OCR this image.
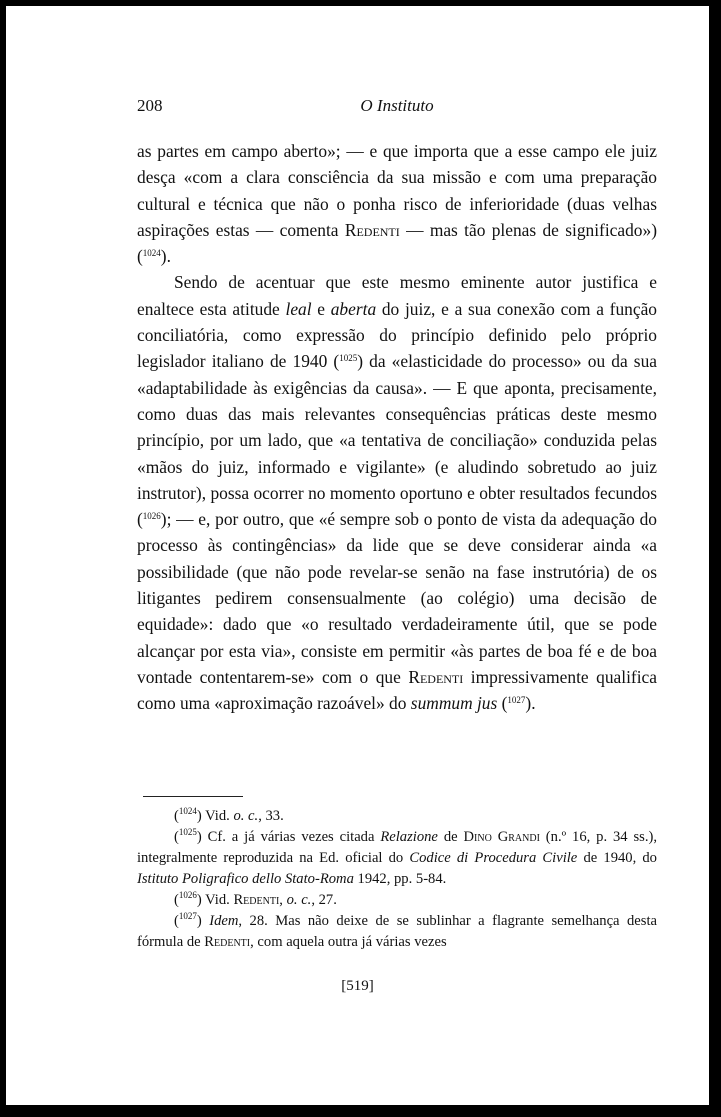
208	O Instituto

as partes em campo aberto»; — e que importa que a esse campo ele juiz desça «com a clara consciência da sua missão e com uma preparação cultural e técnica que não o ponha risco de inferioridade (duas velhas aspirações estas — comenta Redenti — mas tão plenas de significado») ($^{1024}$).

Sendo de acentuar que este mesmo eminente autor justifica e enaltece esta atitude leal e aberta do juiz, e a sua conexão com a função conciliatória, como expressão do princípio definido pelo próprio legislador italiano de 1940 ($^{1025}$) da «elasticidade do processo» ou da sua «adaptabilidade às exigências da causa». — E que aponta, precisamente, como duas das mais relevantes consequências práticas deste mesmo princípio, por um lado, que «a tentativa de conciliação» conduzida pelas «mãos do juiz, informado e vigilante» (e aludindo sobretudo ao juiz instrutor), possa ocorrer no momento oportuno e obter resultados fecundos ($^{1026}$); — e, por outro, que «é sempre sob o ponto de vista da adequação do processo às contingências» da lide que se deve considerar ainda «a possibilidade (que não pode revelar-se senão na fase instrutória) de os litigantes pedirem consensualmente (ao colégio) uma decisão de equidade»: dado que «o resultado verdadeiramente útil, que se pode alcançar por esta via», consiste em permitir «às partes de boa fé e de boa vontade contentarem-se» com o que Redenti impressivamente qualifica como uma «aproximação razoável» do summum jus ($^{1027}$).

($^{1024}$) Vid. o. c., 33.

($^{1025}$) Cf. a já várias vezes citada Relazione de Dino Grandi (n.º 16, p. 34 ss.), integralmente reproduzida na Ed. oficial do Codice di Procedura Civile de 1940, do Istituto Poligrafico dello Stato-Roma 1942, pp. 5-84.

($^{1026}$) Vid. Redenti, o. c., 27.

($^{1027}$) Idem, 28. Mas não deixe de se sublinhar a flagrante semelhança desta fórmula de Redenti, com aquela outra já várias vezes

[519]
